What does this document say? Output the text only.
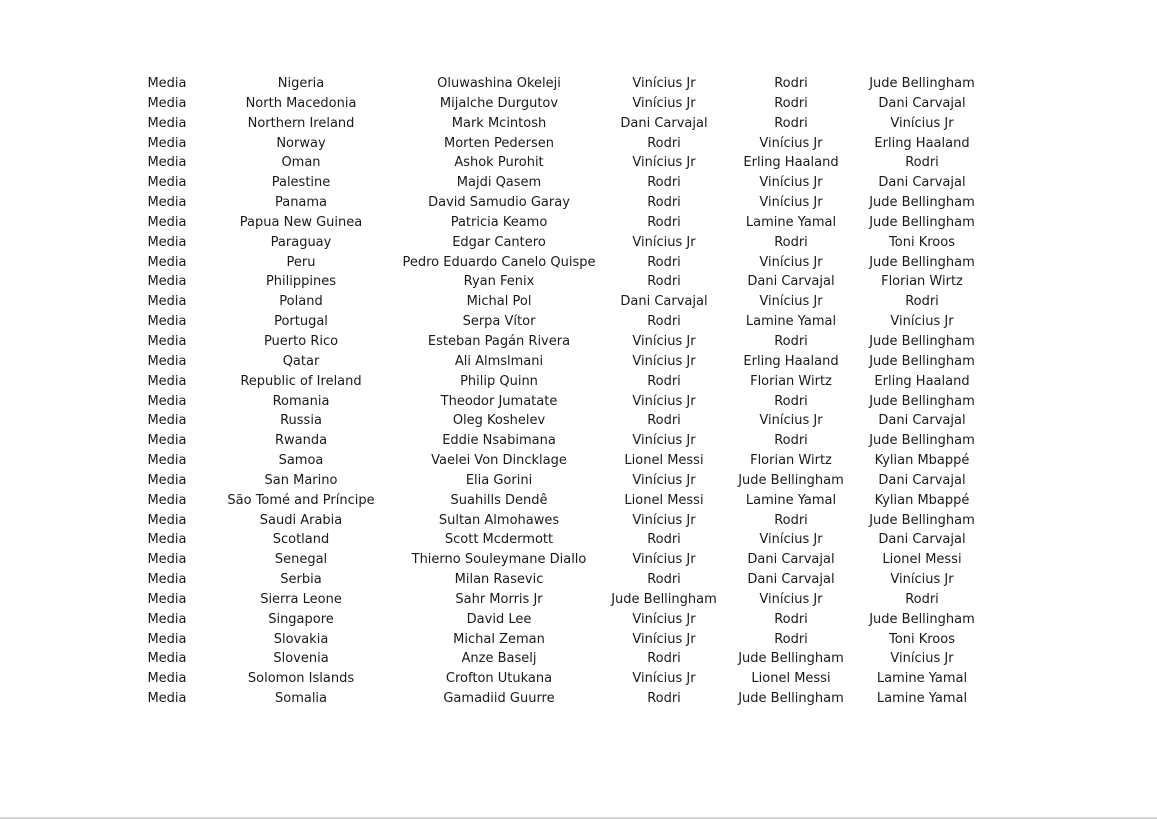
Media	Nigeria	Oluwashina Okeleji	Vinícius Jr	Rodri	Jude Bellingham
Media	North Macedonia	Mijalche Durgutov	Vinícius Jr	Rodri	Dani Carvajal
Media	Northern Ireland	Mark Mcintosh	Dani Carvajal	Rodri	Vinícius Jr
Media	Norway	Morten Pedersen	Rodri	Vinícius Jr	Erling Haaland
Media	Oman	Ashok Purohit	Vinícius Jr	Erling Haaland	Rodri
Media	Palestine	Majdi Qasem	Rodri	Vinícius Jr	Dani Carvajal
Media	Panama	David Samudio Garay	Rodri	Vinícius Jr	Jude Bellingham
Media	Papua New Guinea	Patricia Keamo	Rodri	Lamine Yamal	Jude Bellingham
Media	Paraguay	Edgar Cantero	Vinícius Jr	Rodri	Toni Kroos
Media	Peru	Pedro Eduardo Canelo Quispe	Rodri	Vinícius Jr	Jude Bellingham
Media	Philippines	Ryan Fenix	Rodri	Dani Carvajal	Florian Wirtz
Media	Poland	Michal Pol	Dani Carvajal	Vinícius Jr	Rodri
Media	Portugal	Serpa Vítor	Rodri	Lamine Yamal	Vinícius Jr
Media	Puerto Rico	Esteban Pagán Rivera	Vinícius Jr	Rodri	Jude Bellingham
Media	Qatar	Ali Almslmani	Vinícius Jr	Erling Haaland	Jude Bellingham
Media	Republic of Ireland	Philip Quinn	Rodri	Florian Wirtz	Erling Haaland
Media	Romania	Theodor Jumatate	Vinícius Jr	Rodri	Jude Bellingham
Media	Russia	Oleg Koshelev	Rodri	Vinícius Jr	Dani Carvajal
Media	Rwanda	Eddie Nsabimana	Vinícius Jr	Rodri	Jude Bellingham
Media	Samoa	Vaelei Von Dincklage	Lionel Messi	Florian Wirtz	Kylian Mbappé
Media	San Marino	Elia Gorini	Vinícius Jr	Jude Bellingham	Dani Carvajal
Media	São Tomé and Príncipe	Suahills Dendê	Lionel Messi	Lamine Yamal	Kylian Mbappé
Media	Saudi Arabia	Sultan Almohawes	Vinícius Jr	Rodri	Jude Bellingham
Media	Scotland	Scott Mcdermott	Rodri	Vinícius Jr	Dani Carvajal
Media	Senegal	Thierno Souleymane Diallo	Vinícius Jr	Dani Carvajal	Lionel Messi
Media	Serbia	Milan Rasevic	Rodri	Dani Carvajal	Vinícius Jr
Media	Sierra Leone	Sahr Morris Jr	Jude Bellingham	Vinícius Jr	Rodri
Media	Singapore	David Lee	Vinícius Jr	Rodri	Jude Bellingham
Media	Slovakia	Michal Zeman	Vinícius Jr	Rodri	Toni Kroos
Media	Slovenia	Anze Baselj	Rodri	Jude Bellingham	Vinícius Jr
Media	Solomon Islands	Crofton Utukana	Vinícius Jr	Lionel Messi	Lamine Yamal
Media	Somalia	Gamadiid Guurre	Rodri	Jude Bellingham	Lamine Yamal
